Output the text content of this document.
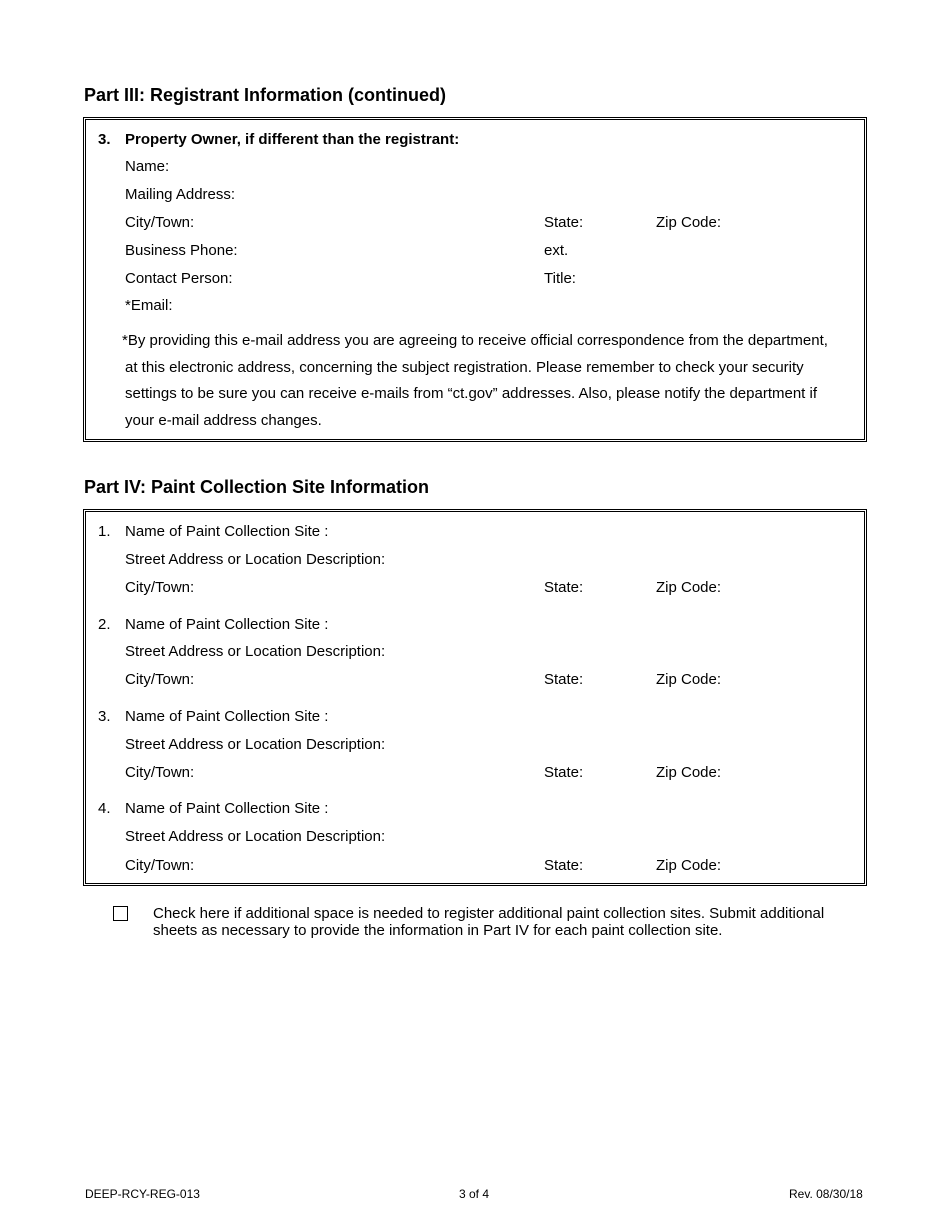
Part III: Registrant Information (continued)
3. Property Owner, if different than the registrant:
Name:
Mailing Address:
City/Town:	State:	Zip Code:
Business Phone:	ext.
Contact Person:	Title:
*Email:
*By providing this e-mail address you are agreeing to receive official correspondence from the department,
at this electronic address, concerning the subject registration. Please remember to check your security
settings to be sure you can receive e-mails from “ct.gov” addresses. Also, please notify the department if
your e-mail address changes.
Part IV: Paint Collection Site Information
1. Name of Paint Collection Site :
Street Address or Location Description:
City/Town:	State:	Zip Code:
2. Name of Paint Collection Site :
Street Address or Location Description:
City/Town:	State:	Zip Code:
3. Name of Paint Collection Site :
Street Address or Location Description:
City/Town:	State:	Zip Code:
4. Name of Paint Collection Site :
Street Address or Location Description:
City/Town:	State:	Zip Code:
Check here if additional space is needed to register additional paint collection sites. Submit additional
sheets as necessary to provide the information in Part IV for each paint collection site.
DEEP-RCY-REG-013	3 of 4	Rev. 08/30/18
